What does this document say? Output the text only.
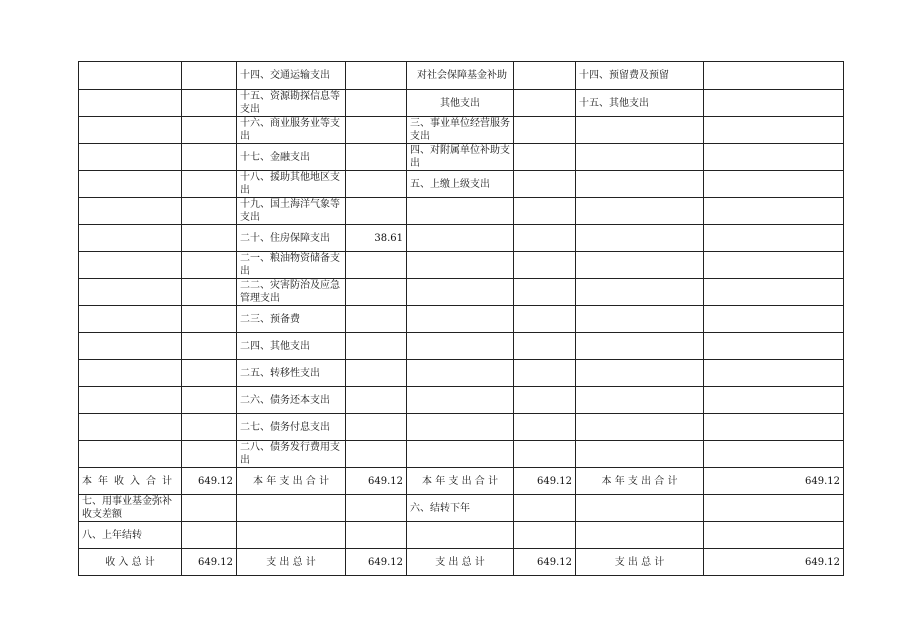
		十四、交通运输支出		对社会保障基金补助		十四、预留费及预留	
		十五、资源勘探信息等支出		其他支出		十五、其他支出	
		十六、商业服务业等支出		三、事业单位经营服务支出			
		十七、金融支出		四、对附属单位补助支出			
		十八、援助其他地区支出		五、上缴上级支出			
		十九、国土海洋气象等支出					
		二十、住房保障支出	38.61				
		二一、粮油物资储备支出					
		二二、灾害防治及应急管理支出					
		二三、预备费					
		二四、其他支出					
		二五、转移性支出					
		二六、债务还本支出					
		二七、债务付息支出					
		二八、债务发行费用支出					
本年收入合计	649.12	本 年 支 出 合 计	649.12	本 年 支 出 合 计	649.12	本 年 支 出 合 计	649.12
七、用事业基金弥补收支差额				六、结转下年			
八、上年结转							
收 入 总 计	649.12	支 出 总 计	649.12	支 出 总 计	649.12	支 出 总 计	649.12
